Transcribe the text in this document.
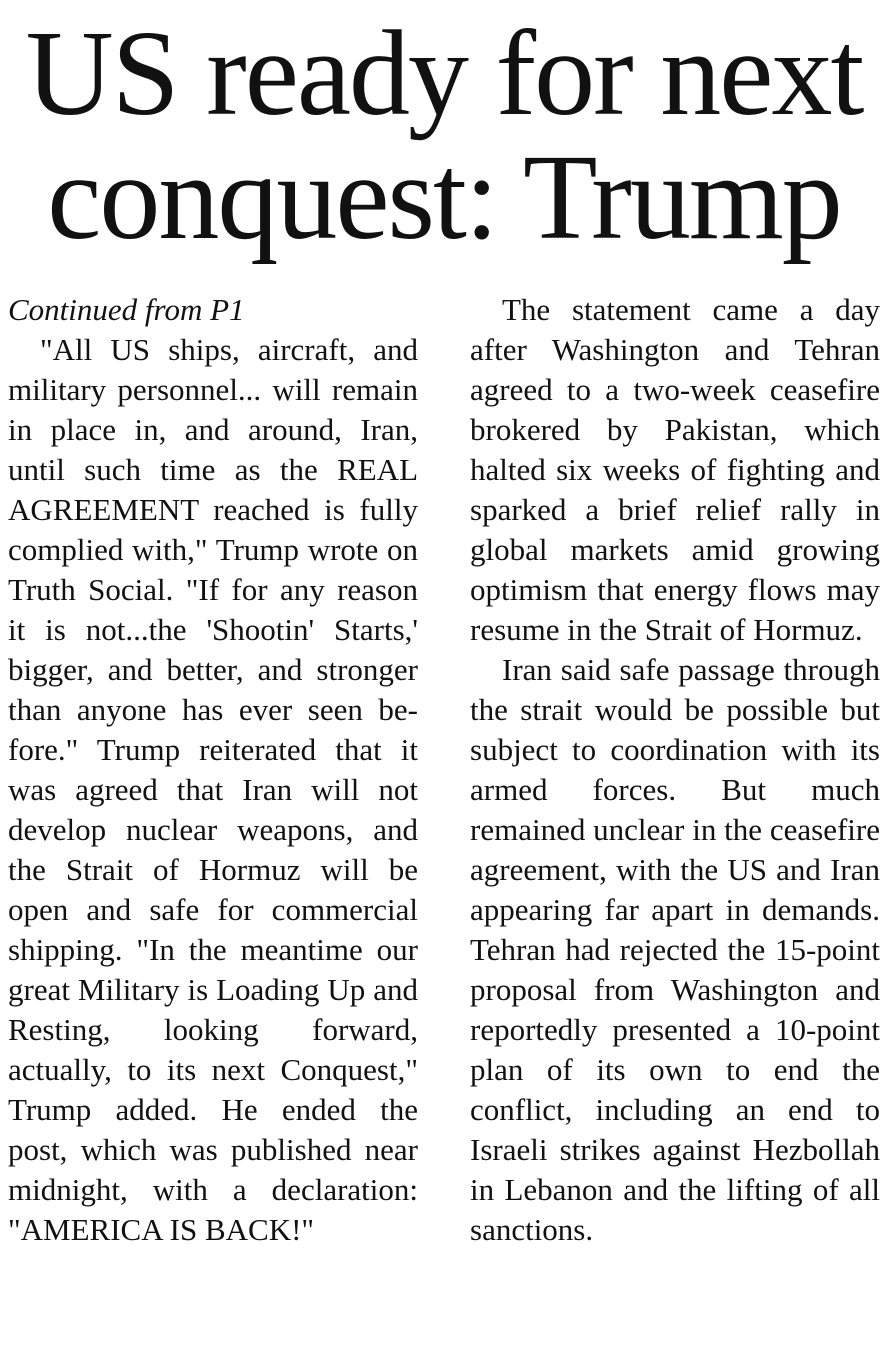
US ready for next
conquest: Trump

Continued from P1

"All US ships, aircraft, and military personnel... will remain in place in, and around, Iran, until such time as the REAL AGREEMENT reached is fully complied with," Trump wrote on Truth Social. "If for any reason it is not...the 'Shootin' Starts,' bigger, and better, and stronger than anyone has ever seen before." Trump reiterated that it was agreed that Iran will not develop nuclear weapons, and the Strait of Hormuz will be open and safe for commercial shipping. "In the meantime our great Military is Loading Up and Resting, looking forward, actually, to its next Conquest," Trump added. He ended the post, which was published near midnight, with a declaration: "AMERICA IS BACK!"

The statement came a day after Washington and Tehran agreed to a two-week ceasefire brokered by Pakistan, which halted six weeks of fighting and sparked a brief relief rally in global markets amid growing optimism that energy flows may resume in the Strait of Hormuz.

Iran said safe passage through the strait would be possible but subject to coordination with its armed forces. But much remained unclear in the ceasefire agreement, with the US and Iran appearing far apart in demands. Tehran had rejected the 15-point proposal from Washington and reportedly presented a 10-point plan of its own to end the conflict, including an end to Israeli strikes against Hezbollah in Lebanon and the lifting of all sanctions.
